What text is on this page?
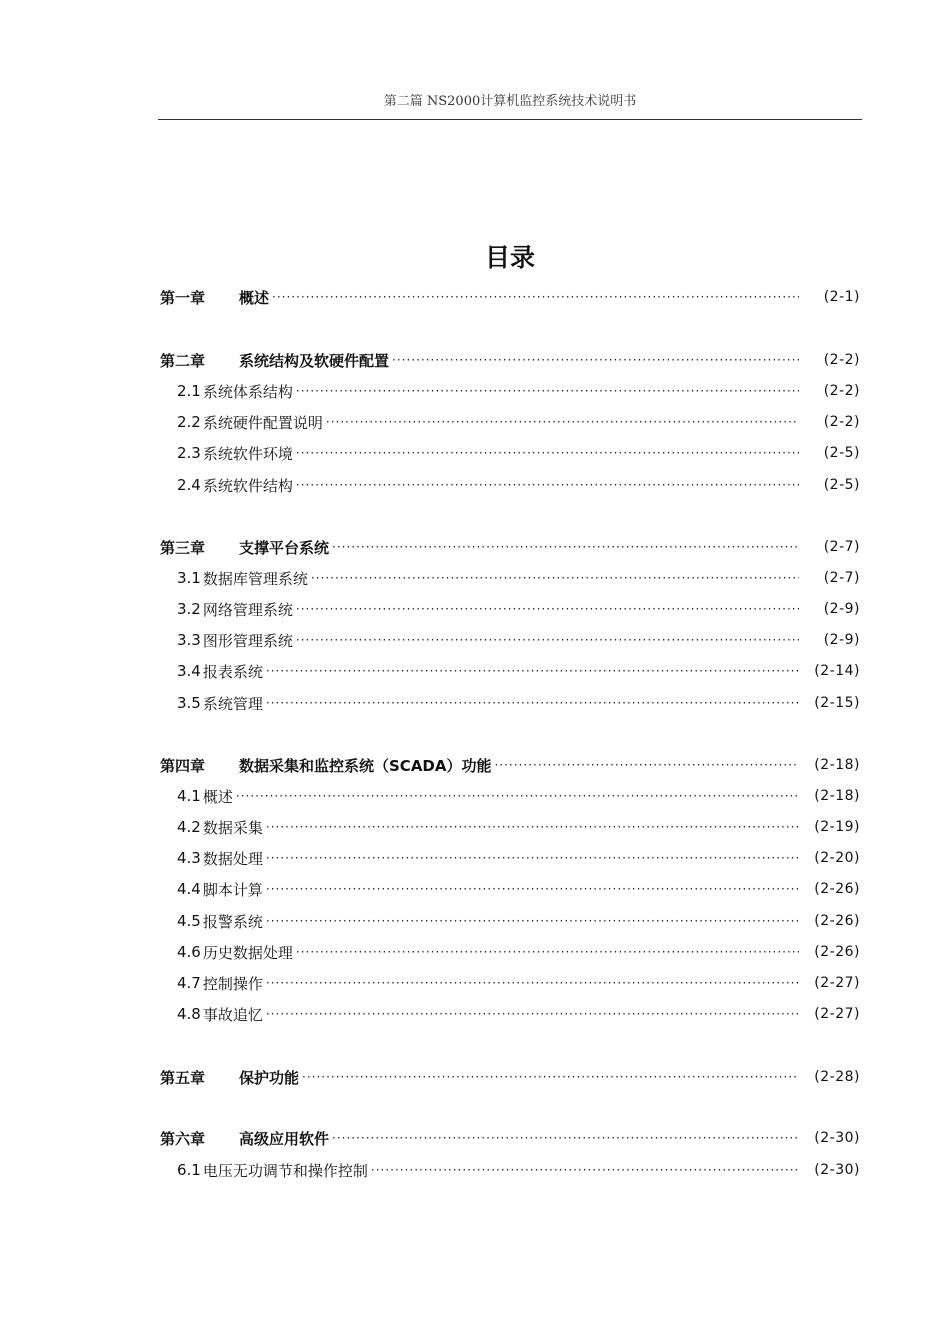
第二篇 NS2000计算机监控系统技术说明书
目录
第一章	概述 ·····	(2-1)
第二章	系统结构及软硬件配置 ·····	(2-2)
2.1 系统体系结构 ·····	(2-2)
2.2 系统硬件配置说明 ·····	(2-2)
2.3 系统软件环境 ·····	(2-5)
2.4 系统软件结构 ·····	(2-5)
第三章	支撑平台系统 ·····	(2-7)
3.1 数据库管理系统 ·····	(2-7)
3.2 网络管理系统 ·····	(2-9)
3.3 图形管理系统 ·····	(2-9)
3.4 报表系统 ·····	(2-14)
3.5 系统管理 ·····	(2-15)
第四章	数据采集和监控系统（SCADA）功能 ·····	(2-18)
4.1 概述 ·····	(2-18)
4.2 数据采集 ·····	(2-19)
4.3 数据处理 ·····	(2-20)
4.4 脚本计算 ·····	(2-26)
4.5 报警系统 ·····	(2-26)
4.6 历史数据处理 ·····	(2-26)
4.7 控制操作 ·····	(2-27)
4.8 事故追忆 ·····	(2-27)
第五章	保护功能 ·····	(2-28)
第六章	高级应用软件 ·····	(2-30)
6.1 电压无功调节和操作控制 ·····	(2-30)
